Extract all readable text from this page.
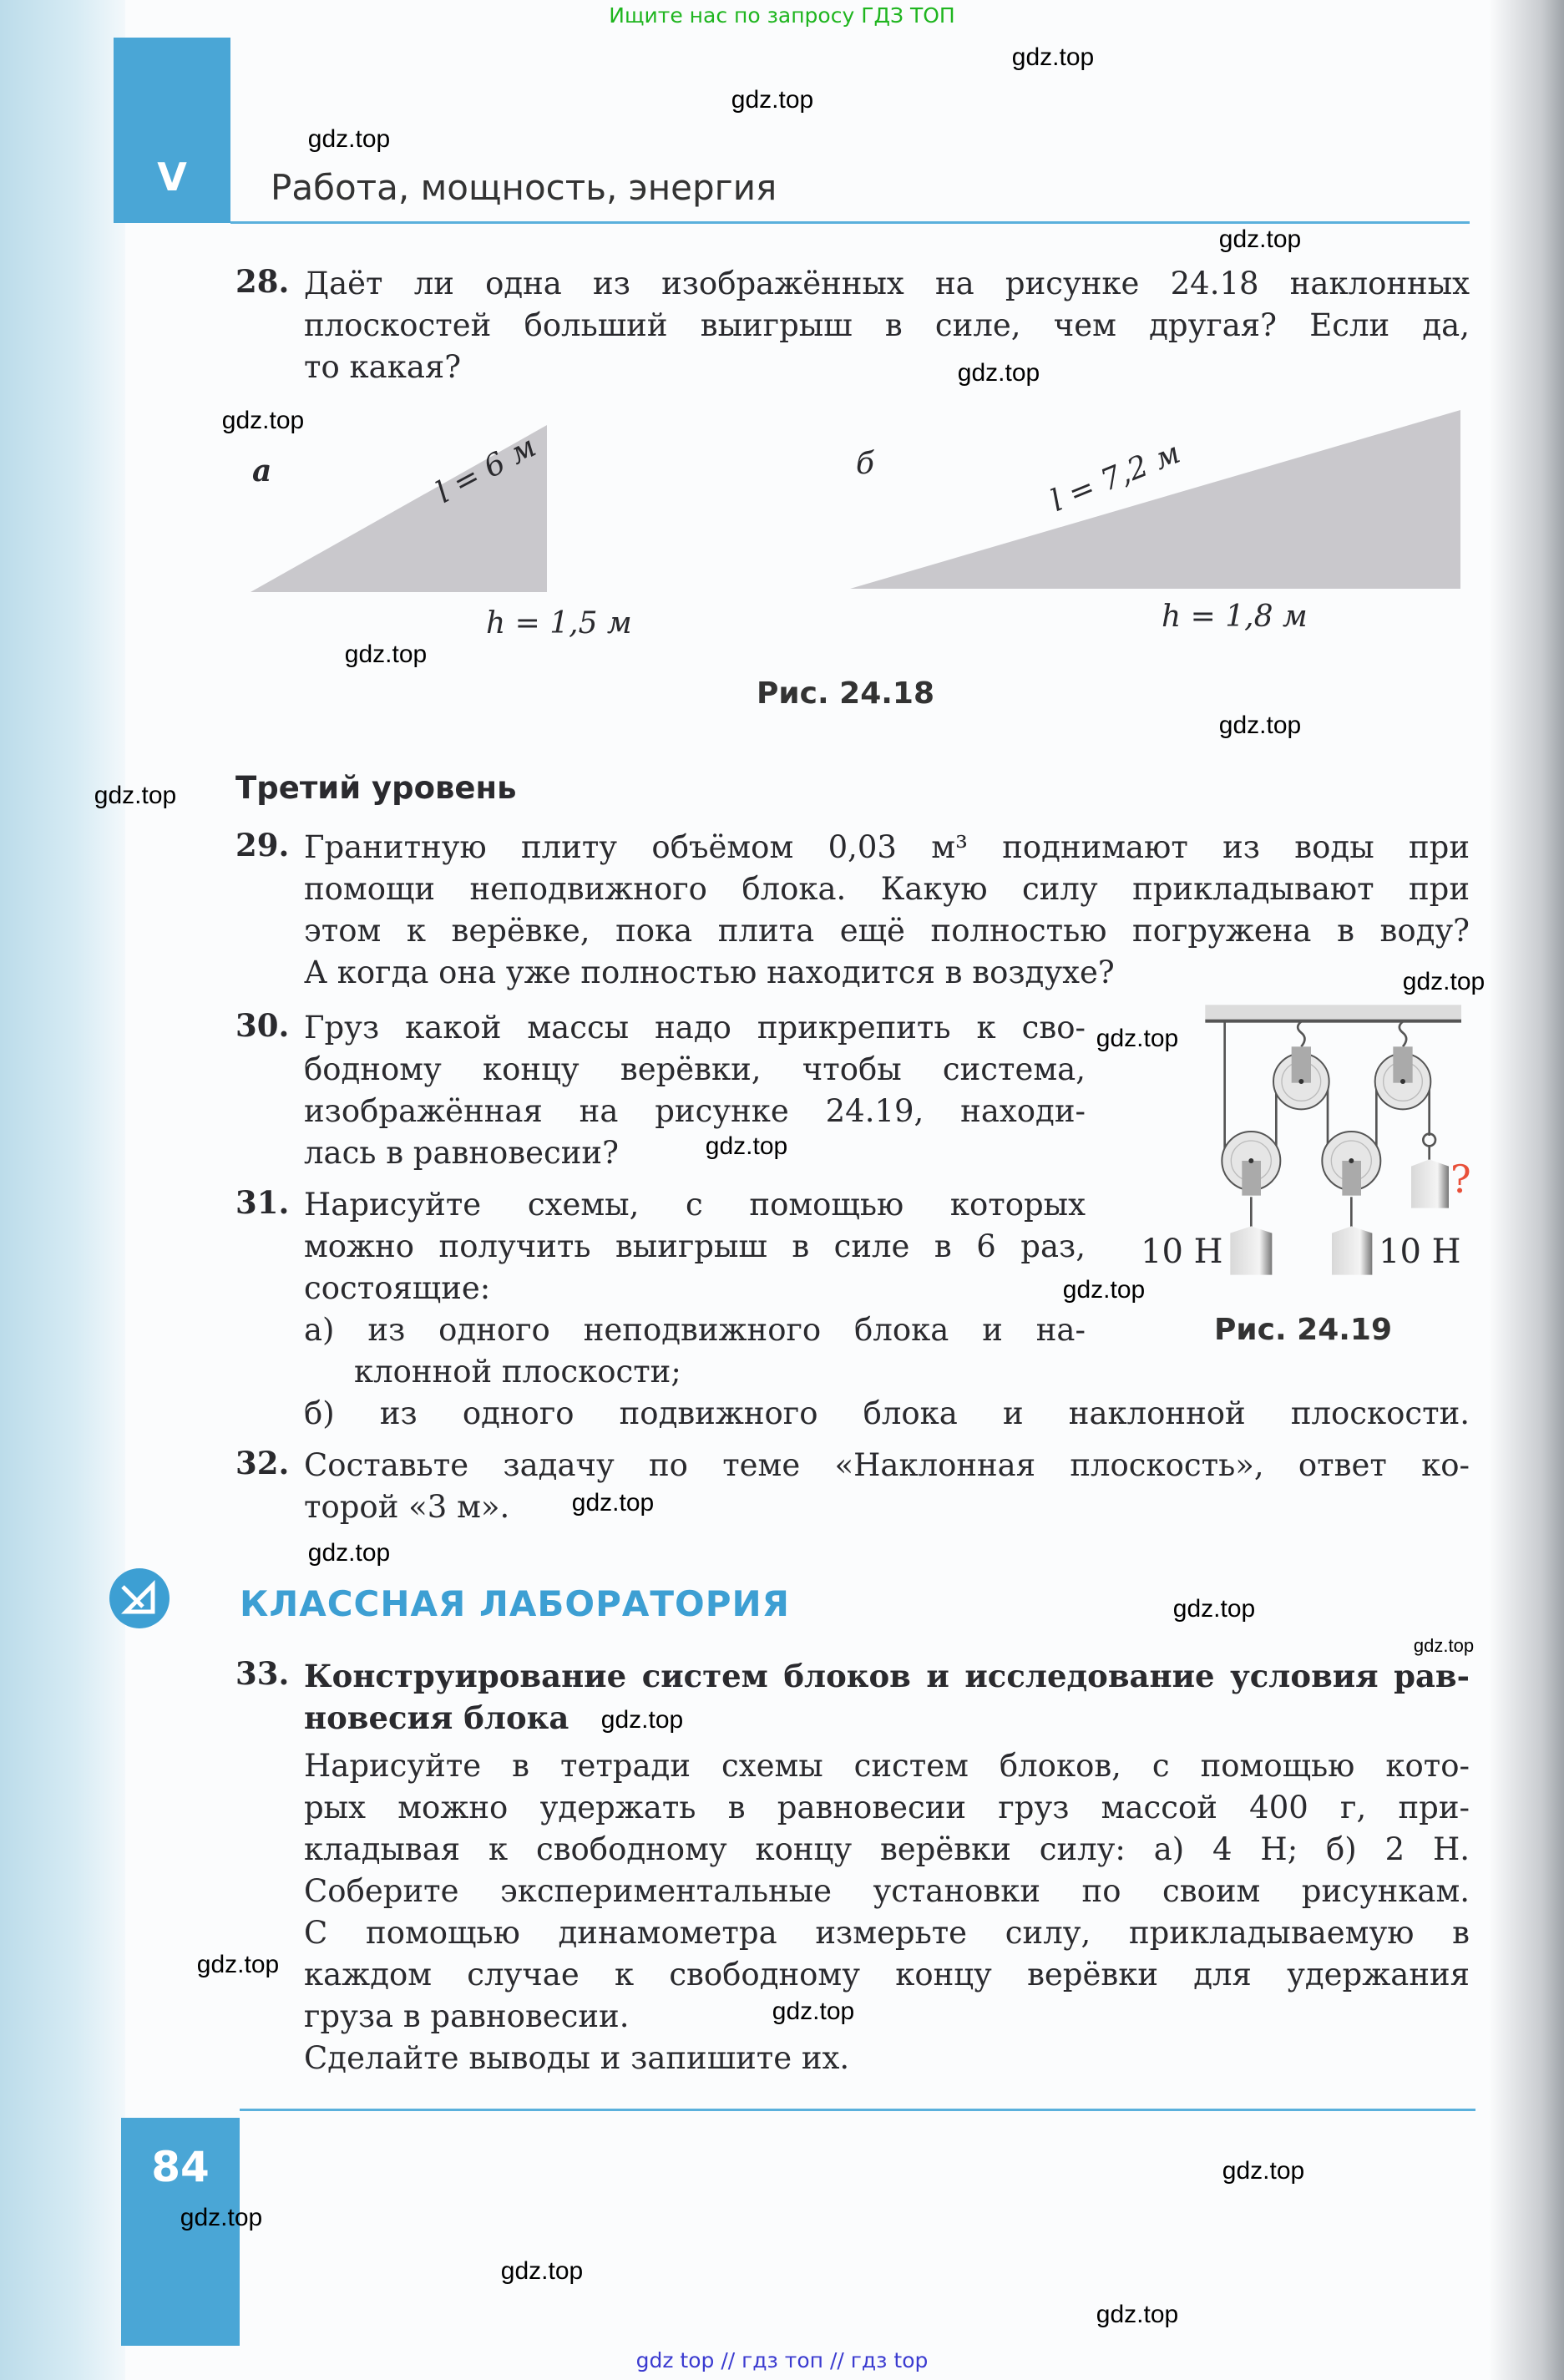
Ищите нас по запросу ГДЗ ТОП
V	Работа, мощность, энергия
28. Даёт ли одна из изображённых на рисунке 24.18 наклонных
плоскостей больший выигрыш в силе, чем другая? Если да,
то какая?
а	l = 6 м
h = 1,5 м
б	l = 7,2 м
h = 1,8 м
Рис. 24.18
Третий уровень
29. Гранитную плиту объёмом 0,03 м³ поднимают из воды при
помощи неподвижного блока. Какую силу прикладывают при
этом к верёвке, пока плита ещё полностью погружена в воду?
А когда она уже полностью находится в воздухе?
30. Груз какой массы надо прикрепить к сво-
бодному концу верёвки, чтобы система,
изображённая на рисунке 24.19, находи-
лась в равновесии?
31. Нарисуйте схемы, с помощью которых
можно получить выигрыш в силе в 6 раз,
состоящие:
а) из одного неподвижного блока и на-
клонной плоскости;
б) из одного подвижного блока и наклонной плоскости.
32. Составьте задачу по теме «Наклонная плоскость», ответ ко-
торой «3 м».
10 Н	10 Н
?
Рис. 24.19
КЛАССНАЯ ЛАБОРАТОРИЯ
33. Конструирование систем блоков и исследование условия рав-
новесия блока
Нарисуйте в тетради схемы систем блоков, с помощью кото-
рых можно удержать в равновесии груз массой 400 г, при-
кладывая к свободному концу верёвки силу: а) 4 Н; б) 2 Н.
Соберите экспериментальные установки по своим рисункам.
С помощью динамометра измерьте силу, прикладываемую в
каждом случае к свободному концу верёвки для удержания
груза в равновесии.
Сделайте выводы и запишите их.
84
gdz top // гдз топ // гдз top
gdz.top
gdz.top
gdz.top
gdz.top
gdz.top
gdz.top
gdz.top
gdz.top
gdz.top
gdz.top
gdz.top
gdz.top
gdz.top
gdz.top
gdz.top
gdz.top
gdz.top
gdz.top
gdz.top
gdz.top
gdz.top
gdz.top
gdz.top
gdz.top
